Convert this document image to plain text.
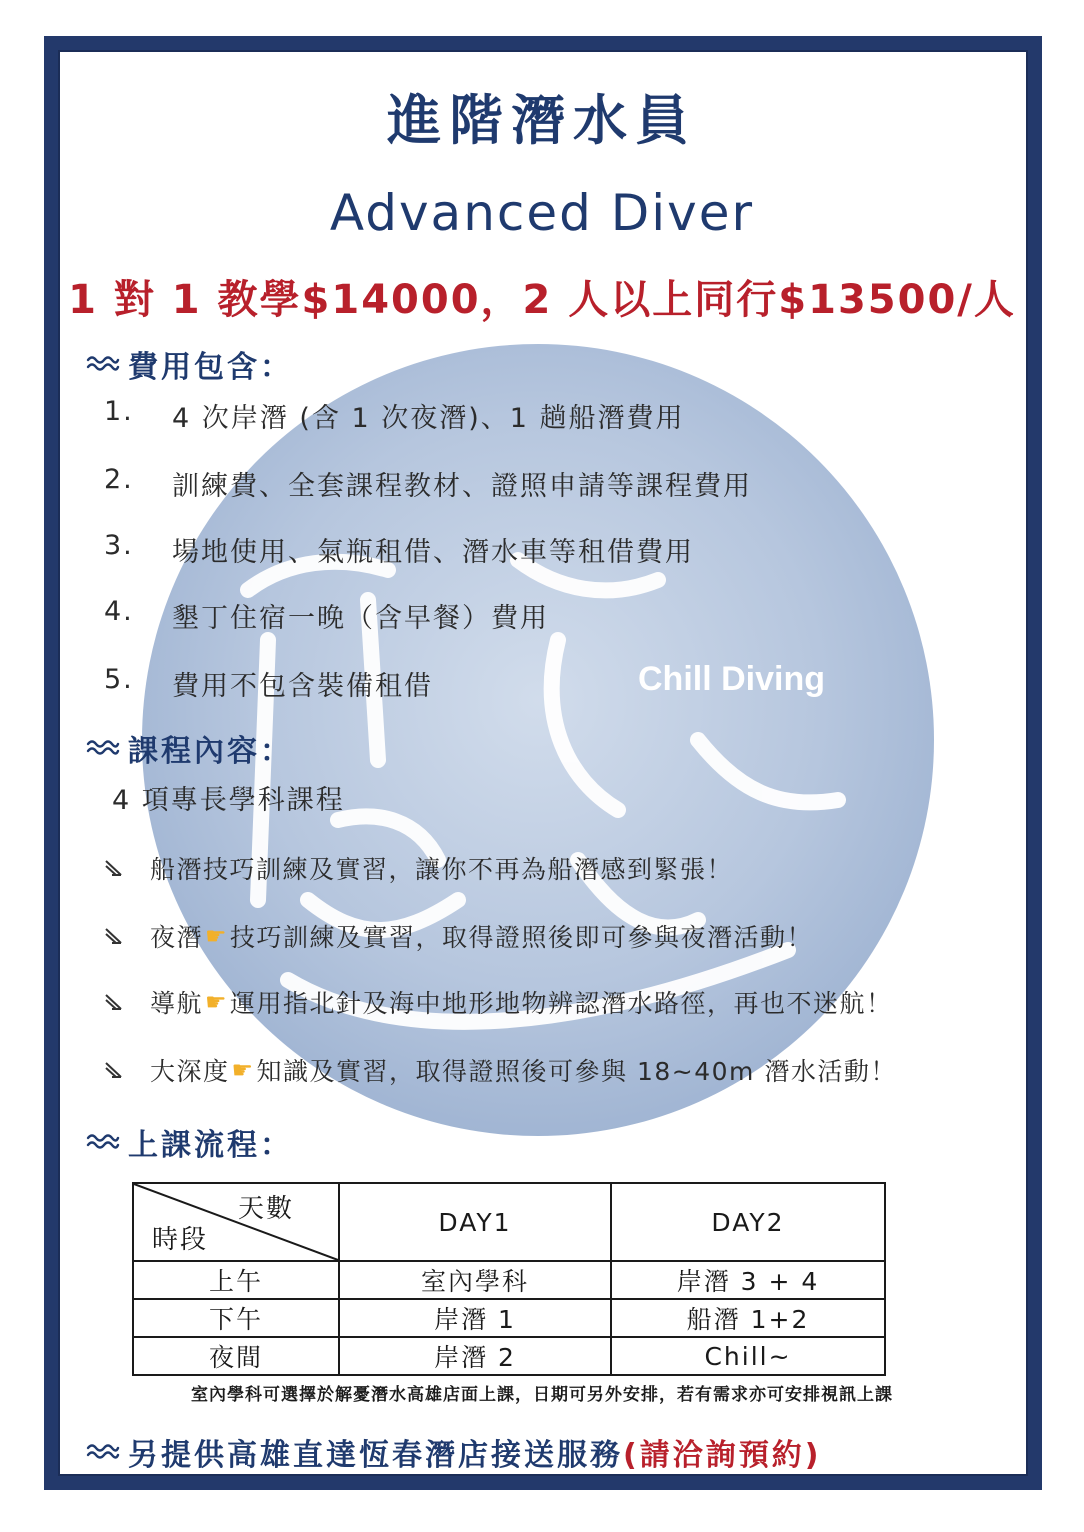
Chill Diving
進階潛水員
Advanced Diver
1 對 1 教學$14000，2 人以上同行$13500/人
費用包含：
1.	4 次岸潛 (含 1 次夜潛)、1 趟船潛費用
2.	訓練費、全套課程教材、證照申請等課程費用
3.	場地使用、氣瓶租借、潛水車等租借費用
4.	墾丁住宿一晚（含早餐）費用
5.	費用不包含裝備租借
課程內容：
4 項專長學科課程
船潛技巧訓練及實習，讓你不再為船潛感到緊張！
夜潛 ☛ 技巧訓練及實習，取得證照後即可參與夜潛活動！
導航 ☛ 運用指北針及海中地形地物辨認潛水路徑，再也不迷航！
大深度 ☛ 知識及實習，取得證照後可參與 18~40m 潛水活動！
上課流程：
天數
時段	DAY1	DAY2
上午	室內學科	岸潛 3 + 4
下午	岸潛 1	船潛 1+2
夜間	岸潛 2	Chill~
室內學科可選擇於解憂潛水高雄店面上課，日期可另外安排，若有需求亦可安排視訊上課
另提供高雄直達恆春潛店接送服務 (請洽詢預約)
